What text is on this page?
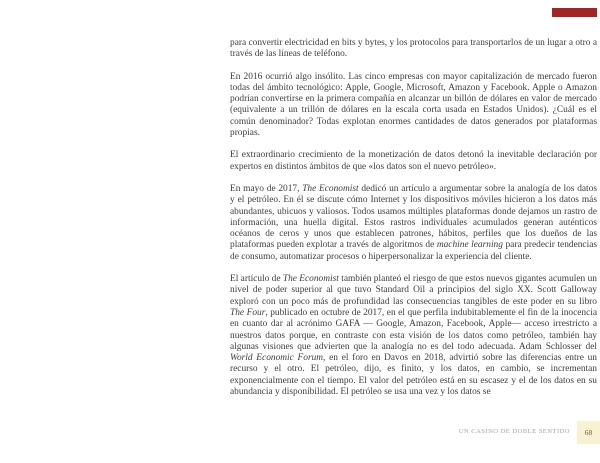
para convertir electricidad en bits y bytes, y los protocolos para transportarlos de un lugar a otro a través de las líneas de teléfono.

En 2016 ocurrió algo insólito. Las cinco empresas con mayor capitalización de mercado fueron todas del ámbito tecnológico: Apple, Google, Microsoft, Amazon y Facebook. Apple o Amazon podrían convertirse en la primera compañía en alcanzar un billón de dólares en valor de mercado (equivalente a un trillón de dólares en la escala corta usada en Estados Unidos). ¿Cuál es el común denominador? Todas explotan enormes cantidades de datos generados por plataformas propias.

El extraordinario crecimiento de la monetización de datos detonó la inevitable declaración por expertos en distintos ámbitos de que «los datos son el nuevo petróleo».

En mayo de 2017, The Economist dedicó un artículo a argumentar sobre la analogía de los datos y el petróleo. En él se discute cómo Internet y los dispositivos móviles hicieron a los datos más abundantes, ubicuos y valiosos. Todos usamos múltiples plataformas donde dejamos un rastro de información, una huella digital. Estos rastros individuales acumulados generan auténticos océanos de ceros y unos que establecen patrones, hábitos, perfiles que los dueños de las plataformas pueden explotar a través de algoritmos de machine learning para predecir tendencias de consumo, automatizar procesos o hiperpersonalizar la experiencia del cliente.

El artículo de The Economist también planteó el riesgo de que estos nuevos gigantes acumulen un nivel de poder superior al que tuvo Standard Oil a principios del siglo XX. Scott Galloway exploró con un poco más de profundidad las consecuencias tangibles de este poder en su libro The Four, publicado en octubre de 2017, en el que perfila indubitablemente el fin de la inocencia en cuanto dar al acrónimo GAFA — Google, Amazon, Facebook, Apple— acceso irrestricto a nuestros datos porque, en contraste con esta visión de los datos como petróleo, también hay algunas visiones que advierten que la analogía no es del todo adecuada. Adam Schlosser del World Economic Forum, en el foro en Davos en 2018, advirtió sobre las diferencias entre un recurso y el otro. El petróleo, dijo, es finito, y los datos, en cambio, se incrementan exponencialmente con el tiempo. El valor del petróleo está en su escasez y el de los datos en su abundancia y disponibilidad. El petróleo se usa una vez y los datos se

UN CASINO DE DOBLE SENTIDO 68
